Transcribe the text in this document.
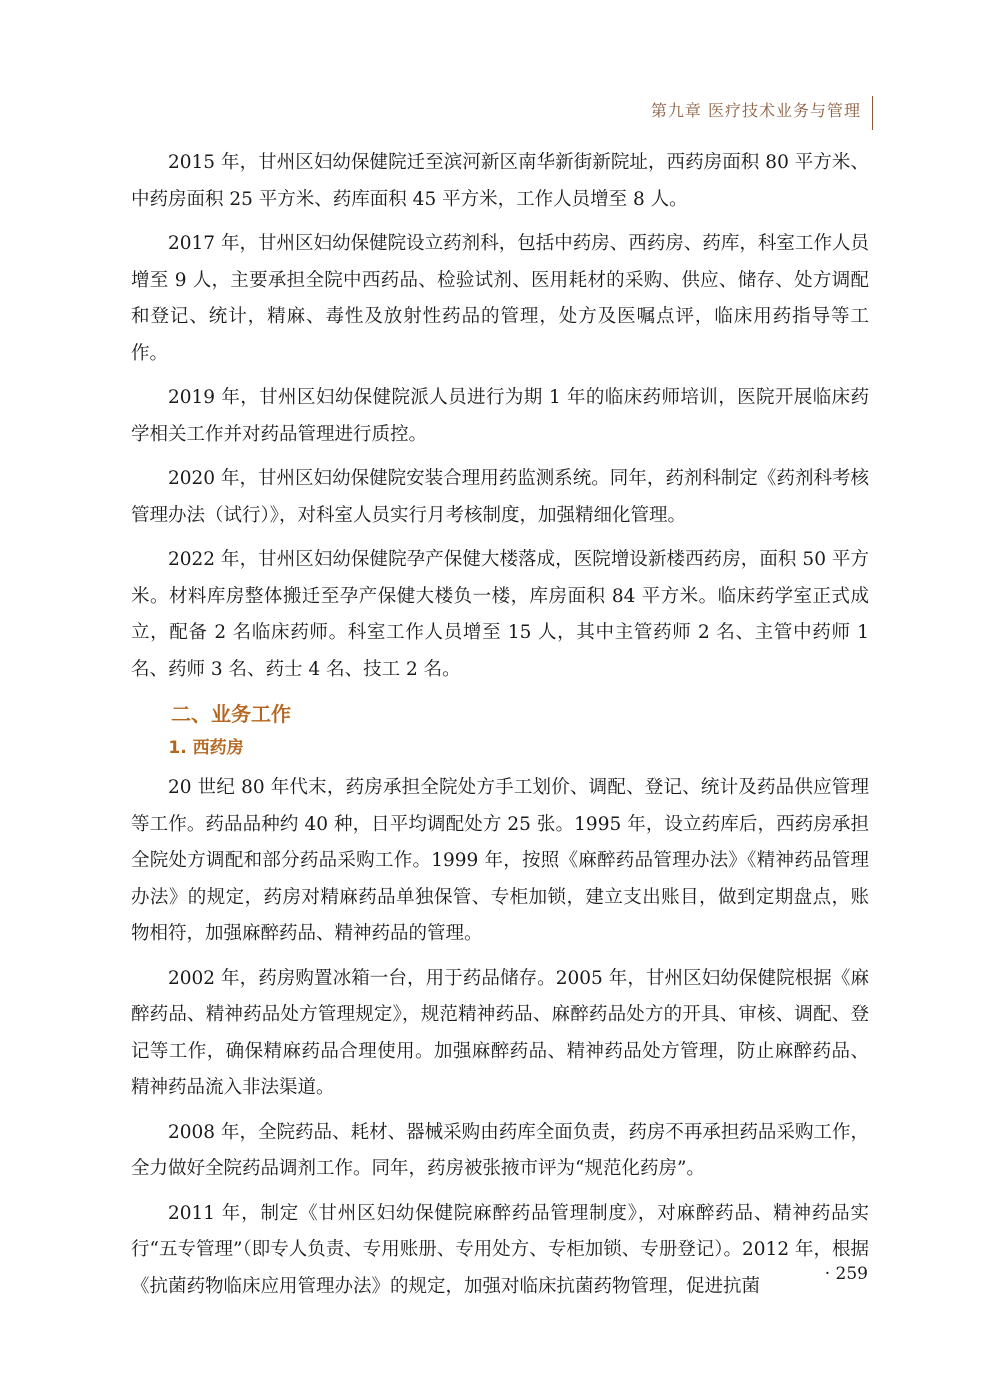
第九章 医疗技术业务与管理

2015 年，甘州区妇幼保健院迁至滨河新区南华新街新院址，西药房面积 80 平方米、中药房面积 25 平方米、药库面积 45 平方米，工作人员增至 8 人。

2017 年，甘州区妇幼保健院设立药剂科，包括中药房、西药房、药库，科室工作人员增至 9 人，主要承担全院中西药品、检验试剂、医用耗材的采购、供应、储存、处方调配和登记、统计，精麻、毒性及放射性药品的管理，处方及医嘱点评，临床用药指导等工作。

2019 年，甘州区妇幼保健院派人员进行为期 1 年的临床药师培训，医院开展临床药学相关工作并对药品管理进行质控。

2020 年，甘州区妇幼保健院安装合理用药监测系统。同年，药剂科制定《药剂科考核管理办法（试行）》，对科室人员实行月考核制度，加强精细化管理。

2022 年，甘州区妇幼保健院孕产保健大楼落成，医院增设新楼西药房，面积 50 平方米。材料库房整体搬迁至孕产保健大楼负一楼，库房面积 84 平方米。临床药学室正式成立，配备 2 名临床药师。科室工作人员增至 15 人，其中主管药师 2 名、主管中药师 1 名、药师 3 名、药士 4 名、技工 2 名。

二、业务工作
1. 西药房

20 世纪 80 年代末，药房承担全院处方手工划价、调配、登记、统计及药品供应管理等工作。药品品种约 40 种，日平均调配处方 25 张。1995 年，设立药库后，西药房承担全院处方调配和部分药品采购工作。1999 年，按照《麻醉药品管理办法》《精神药品管理办法》的规定，药房对精麻药品单独保管、专柜加锁，建立支出账目，做到定期盘点，账物相符，加强麻醉药品、精神药品的管理。

2002 年，药房购置冰箱一台，用于药品储存。2005 年，甘州区妇幼保健院根据《麻醉药品、精神药品处方管理规定》，规范精神药品、麻醉药品处方的开具、审核、调配、登记等工作，确保精麻药品合理使用。加强麻醉药品、精神药品处方管理，防止麻醉药品、精神药品流入非法渠道。

2008 年，全院药品、耗材、器械采购由药库全面负责，药房不再承担药品采购工作，全力做好全院药品调剂工作。同年，药房被张掖市评为“规范化药房”。

2011 年，制定《甘州区妇幼保健院麻醉药品管理制度》，对麻醉药品、精神药品实行“五专管理”（即专人负责、专用账册、专用处方、专柜加锁、专册登记）。2012 年，根据《抗菌药物临床应用管理办法》的规定，加强对临床抗菌药物管理，促进抗菌

· 259
